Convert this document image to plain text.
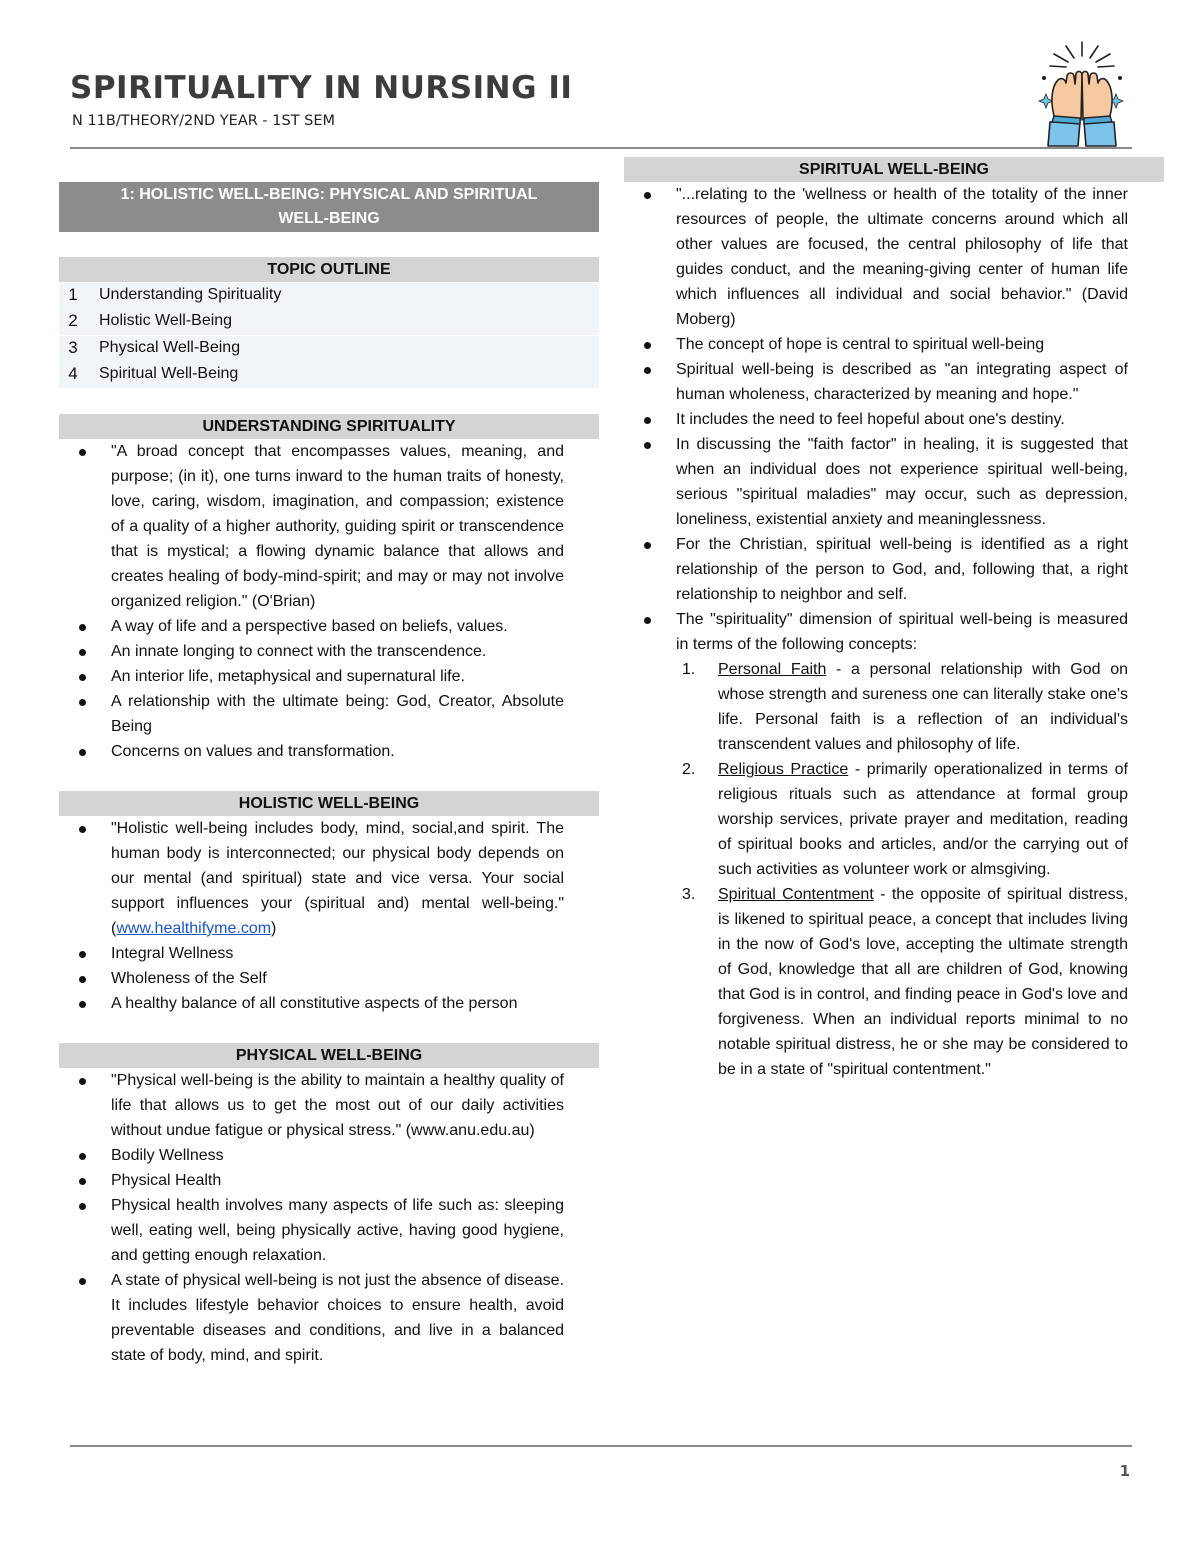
SPIRITUALITY IN NURSING II

N 11B/THEORY/2ND YEAR - 1ST SEM

1: HOLISTIC WELL-BEING: PHYSICAL AND SPIRITUAL WELL-BEING
TOPIC OUTLINE
1	Understanding Spirituality
2	Holistic Well-Being
3	Physical Well-Being
4	Spiritual Well-Being
UNDERSTANDING SPIRITUALITY
"A broad concept that encompasses values, meaning, and purpose; (in it), one turns inward to the human traits of honesty, love, caring, wisdom, imagination, and compassion; existence of a quality of a higher authority, guiding spirit or transcendence that is mystical; a flowing dynamic balance that allows and creates healing of body-mind-spirit; and may or may not involve organized religion." (O'Brian)
A way of life and a perspective based on beliefs, values.
An innate longing to connect with the transcendence.
An interior life, metaphysical and supernatural life.
A relationship with the ultimate being: God, Creator, Absolute Being
Concerns on values and transformation.
HOLISTIC WELL-BEING
"Holistic well-being includes body, mind, social,and spirit. The human body is interconnected; our physical body depends on our mental (and spiritual) state and vice versa. Your social support influences your (spiritual and) mental well-being." (www.healthifyme.com)
Integral Wellness
Wholeness of the Self
A healthy balance of all constitutive aspects of the person
PHYSICAL WELL-BEING
"Physical well-being is the ability to maintain a healthy quality of life that allows us to get the most out of our daily activities without undue fatigue or physical stress." (www.anu.edu.au)
Bodily Wellness
Physical Health
Physical health involves many aspects of life such as: sleeping well, eating well, being physically active, having good hygiene, and getting enough relaxation.
A state of physical well-being is not just the absence of disease. It includes lifestyle behavior choices to ensure health, avoid preventable diseases and conditions, and live in a balanced state of body, mind, and spirit.
SPIRITUAL WELL-BEING
"...relating to the 'wellness or health of the totality of the inner resources of people, the ultimate concerns around which all other values are focused, the central philosophy of life that guides conduct, and the meaning-giving center of human life which influences all individual and social behavior." (David Moberg)
The concept of hope is central to spiritual well-being
Spiritual well-being is described as "an integrating aspect of human wholeness, characterized by meaning and hope."
It includes the need to feel hopeful about one's destiny.
In discussing the "faith factor" in healing, it is suggested that when an individual does not experience spiritual well-being, serious "spiritual maladies" may occur, such as depression, loneliness, existential anxiety and meaninglessness.
For the Christian, spiritual well-being is identified as a right relationship of the person to God, and, following that, a right relationship to neighbor and self.
The "spirituality" dimension of spiritual well-being is measured in terms of the following concepts:
1. Personal Faith - a personal relationship with God on whose strength and sureness one can literally stake one's life. Personal faith is a reflection of an individual's transcendent values and philosophy of life.
2. Religious Practice - primarily operationalized in terms of religious rituals such as attendance at formal group worship services, private prayer and meditation, reading of spiritual books and articles, and/or the carrying out of such activities as volunteer work or almsgiving.
3. Spiritual Contentment - the opposite of spiritual distress, is likened to spiritual peace, a concept that includes living in the now of God's love, accepting the ultimate strength of God, knowledge that all are children of God, knowing that God is in control, and finding peace in God's love and forgiveness. When an individual reports minimal to no notable spiritual distress, he or she may be considered to be in a state of "spiritual contentment."
1
